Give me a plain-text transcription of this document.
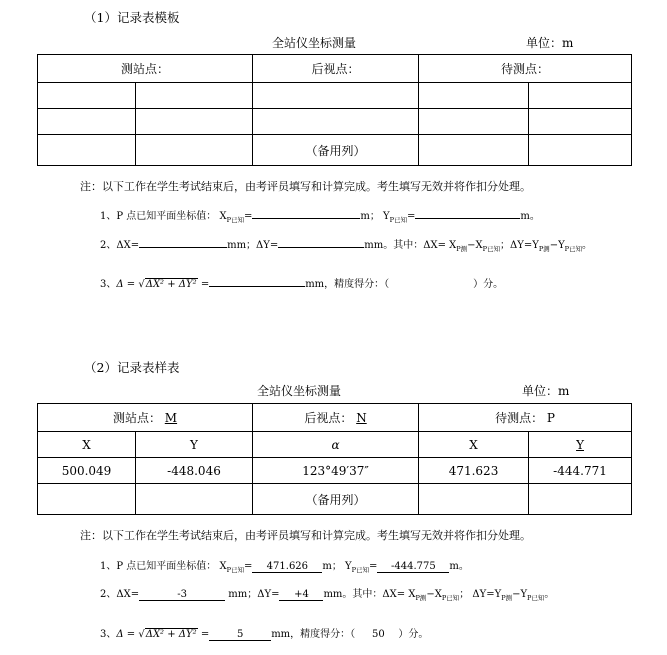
（1）记录表模板
全站仪坐标测量	单位：m
测站点：		后视点：	待测点：	

		（备用列）		
注：以下工作在学生考试结束后，由考评员填写和计算完成。考生填写无效并将作扣分处理。
1、P 点已知平面坐标值： $X_{P已知}=$	m； $Y_{P已知}=$	m。
2、ΔX=	mm；ΔY=	mm。其中：$\Delta X= X_{P测}-X_{P已知}$；$\Delta Y=Y_{P测}-Y_{P已知}$。
3、Δ = √ΔX² + ΔY² =	mm，精度得分：（	）分。
（2）记录表样表
全站仪坐标测量	单位：m
测站点： M		后视点： N	待测点： P	
X	Y	α	X	Y
500.049	-448.046	123°49′37″	471.623	-444.771
		（备用列）		
注：以下工作在学生考试结束后，由考评员填写和计算完成。考生填写无效并将作扣分处理。
1、P 点已知平面坐标值： $X_{P已知}= 471.626$ m； $Y_{P已知}= -444.775$ m。
2、ΔX=	-3	mm；ΔY= +4 mm。其中：$\Delta X= X_{P测}-X_{P已知}$； $\Delta Y=Y_{P测}-Y_{P已知}$。
3、Δ = √ΔX² + ΔY² =	5	mm，精度得分：（ 50 ）分。
